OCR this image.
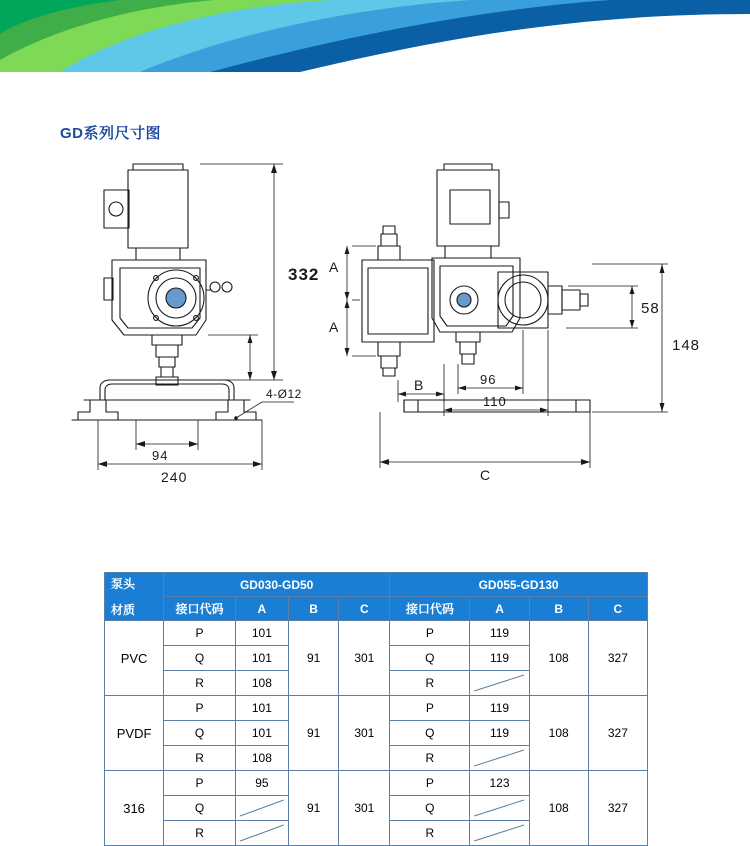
GD系列尺寸图
332
94
240
4-Ø12
A
A
B	96
110
C
58
148
泵头
材质	GD030-GD50				GD055-GD130			
	接口代码	A	B	C	接口代码	A	B	C
PVC	P	101	91	301	P	119	108	327
	Q	101			Q	119		
	R	108			R	

PVDF	P	101	91	301	P	119	108	327
	Q	101			Q	119		
	R	108			R	

316	P	95	91	301	P	123	108	327
	Q				Q	

	R				R	
